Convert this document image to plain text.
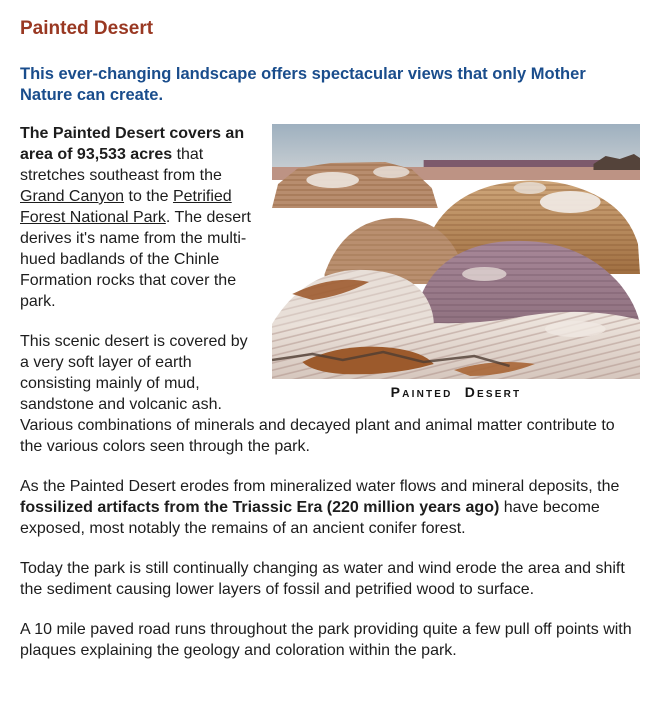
Painted Desert

This ever-changing landscape offers spectacular views that only Mother Nature can create.

Painted Desert

The Painted Desert covers an area of 93,533 acres that stretches southeast from the Grand Canyon to the Petrified Forest National Park. The desert derives it's name from the multi-hued badlands of the Chinle Formation rocks that cover the park.

This scenic desert is covered by a very soft layer of earth consisting mainly of mud, sandstone and volcanic ash. Various combinations of minerals and decayed plant and animal matter contribute to the various colors seen through the park.

As the Painted Desert erodes from mineralized water flows and mineral deposits, the fossilized artifacts from the Triassic Era (220 million years ago) have become exposed, most notably the remains of an ancient conifer forest.

Today the park is still continually changing as water and wind erode the area and shift the sediment causing lower layers of fossil and petrified wood to surface.

A 10 mile paved road runs throughout the park providing quite a few pull off points with plaques explaining the geology and coloration within the park.
